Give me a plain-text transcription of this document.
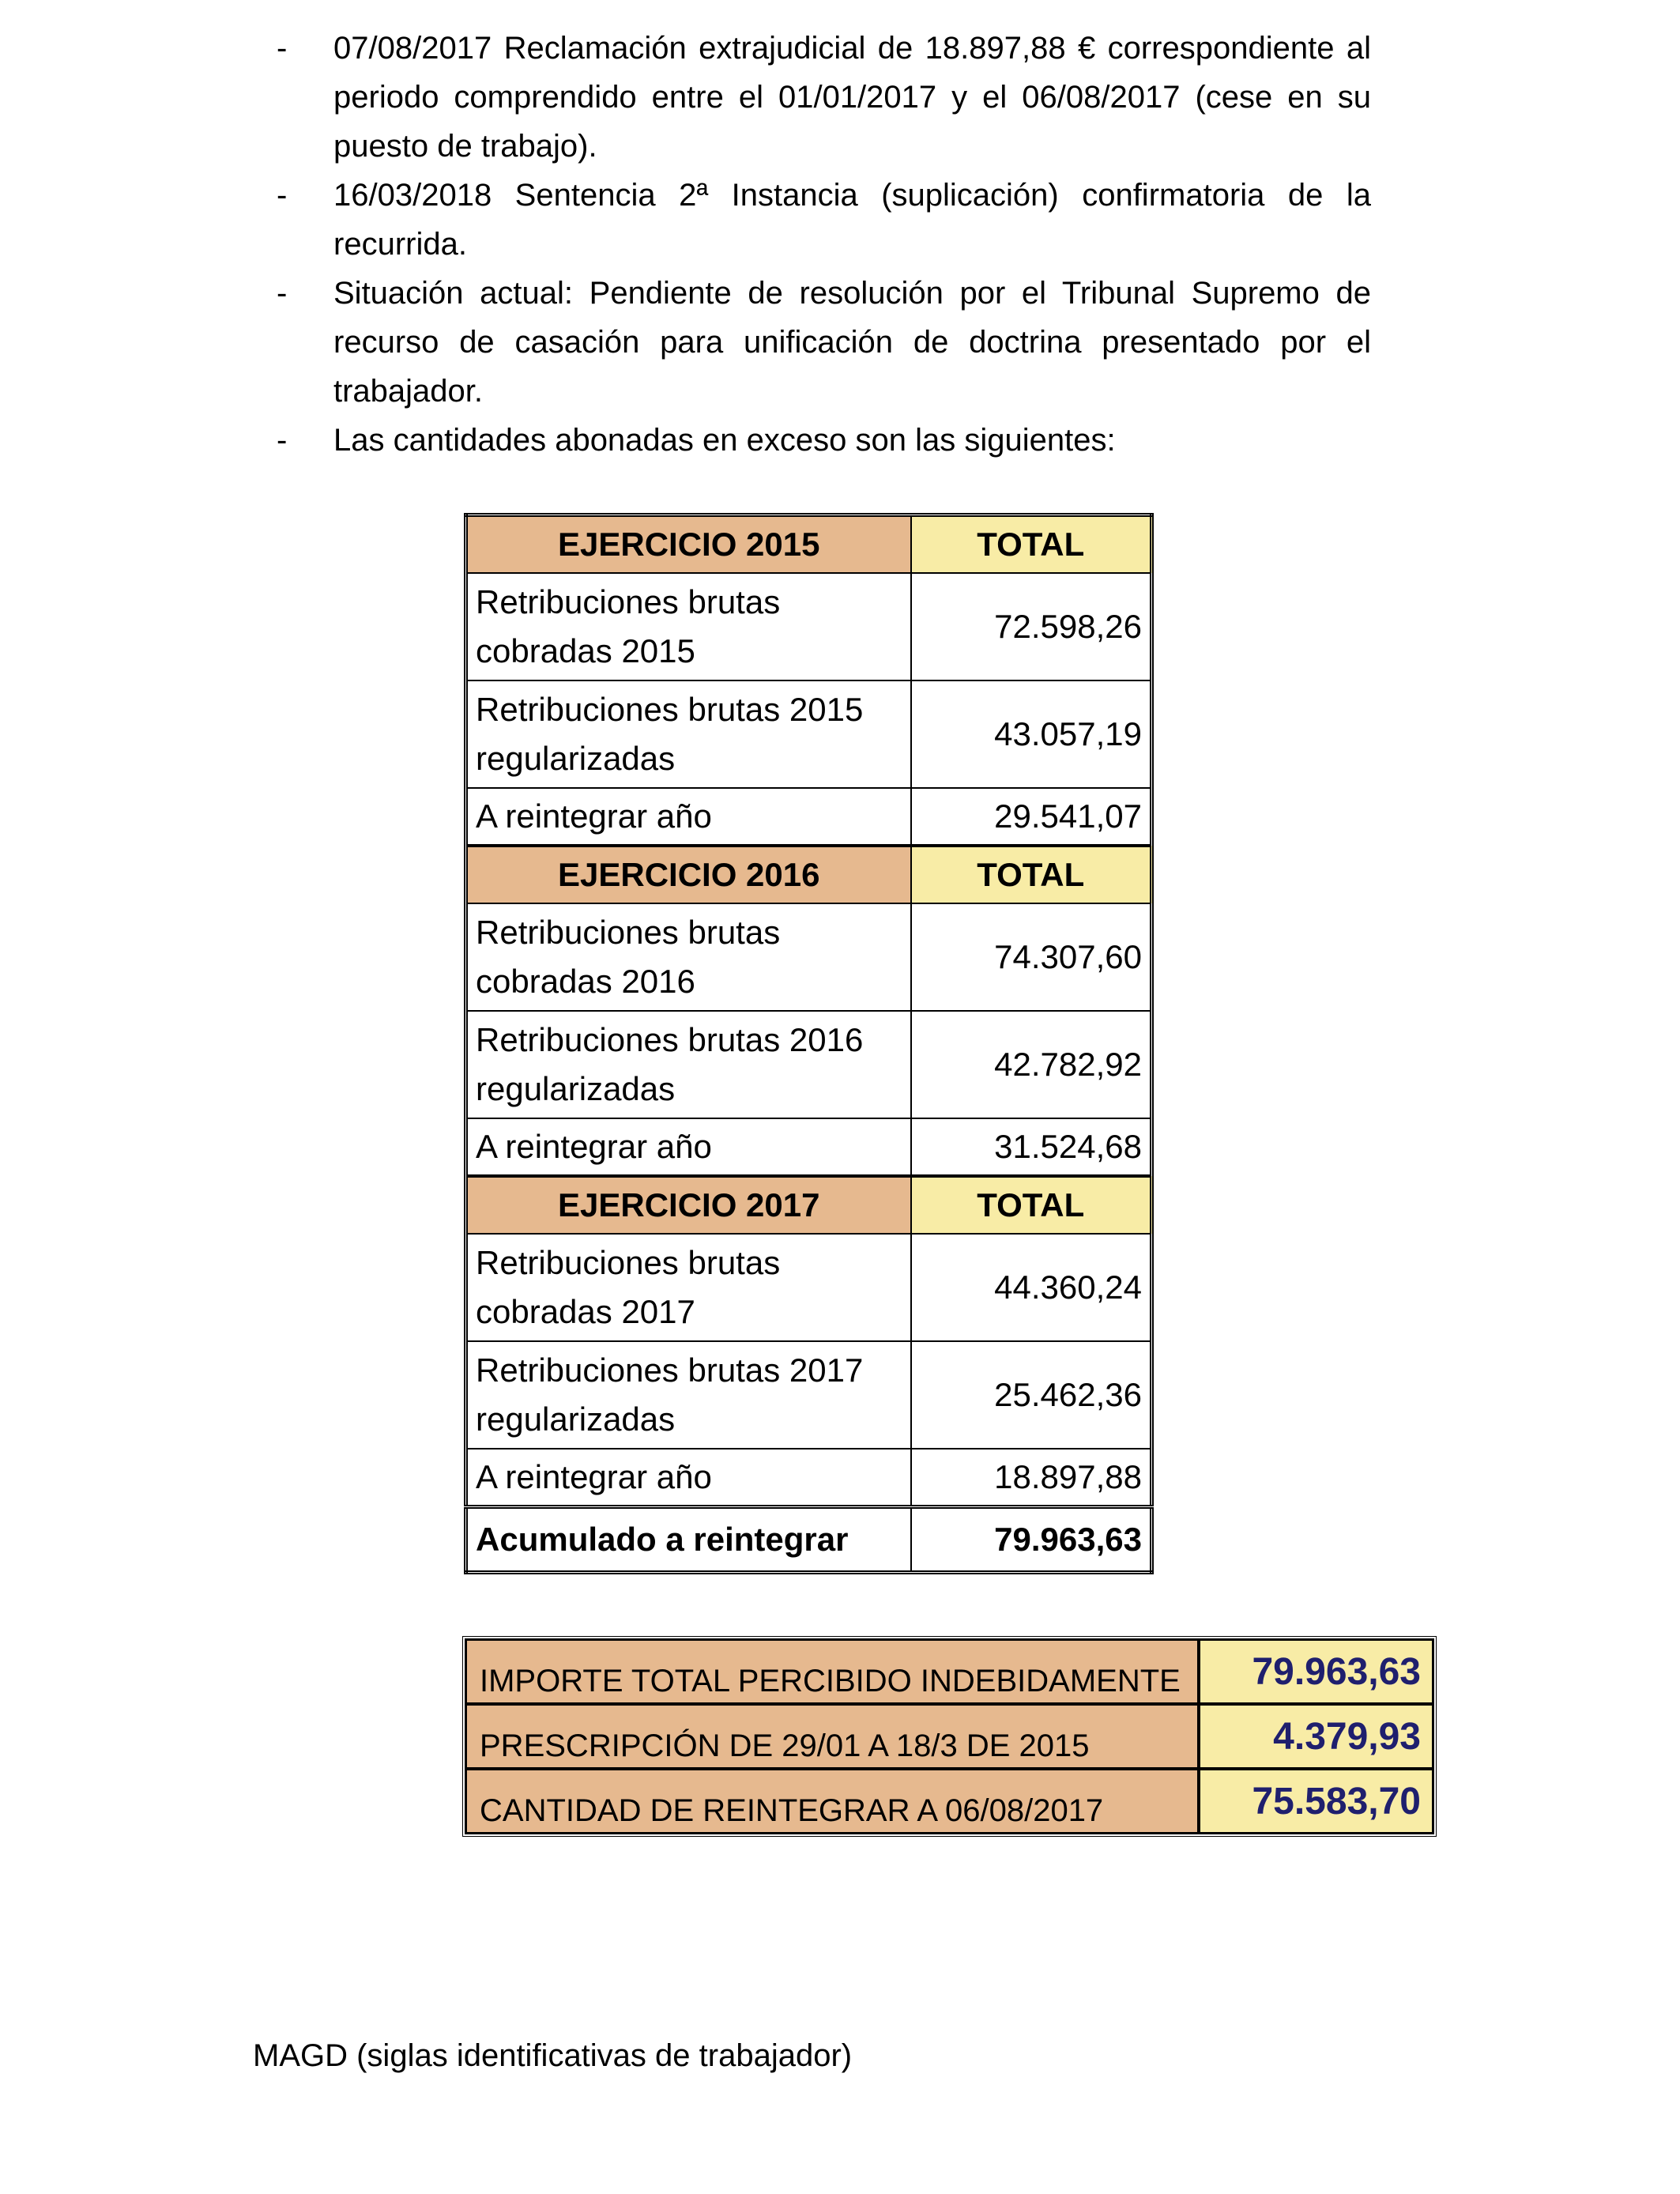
- 07/08/2017 Reclamación extrajudicial de 18.897,88 € correspondiente al periodo comprendido entre el 01/01/2017 y el 06/08/2017 (cese en su puesto de trabajo).
- 16/03/2018 Sentencia 2ª Instancia (suplicación) confirmatoria de la recurrida.
- Situación actual: Pendiente de resolución por el Tribunal Supremo de recurso de casación para unificación de doctrina presentado por el trabajador.
- Las cantidades abonadas en exceso son las siguientes:
EJERCICIO 2015	TOTAL
Retribuciones brutas cobradas 2015	72.598,26
Retribuciones brutas 2015 regularizadas	43.057,19
A reintegrar año	29.541,07
EJERCICIO 2016	TOTAL
Retribuciones brutas cobradas 2016	74.307,60
Retribuciones brutas 2016 regularizadas	42.782,92
A reintegrar año	31.524,68
EJERCICIO 2017	TOTAL
Retribuciones brutas cobradas 2017	44.360,24
Retribuciones brutas 2017 regularizadas	25.462,36
A reintegrar año	18.897,88
Acumulado a reintegrar	79.963,63
IMPORTE TOTAL PERCIBIDO INDEBIDAMENTE	79.963,63
PRESCRIPCIÓN DE 29/01 A 18/3 DE 2015	4.379,93
CANTIDAD DE REINTEGRAR A 06/08/2017	75.583,70
MAGD (siglas identificativas de trabajador)
